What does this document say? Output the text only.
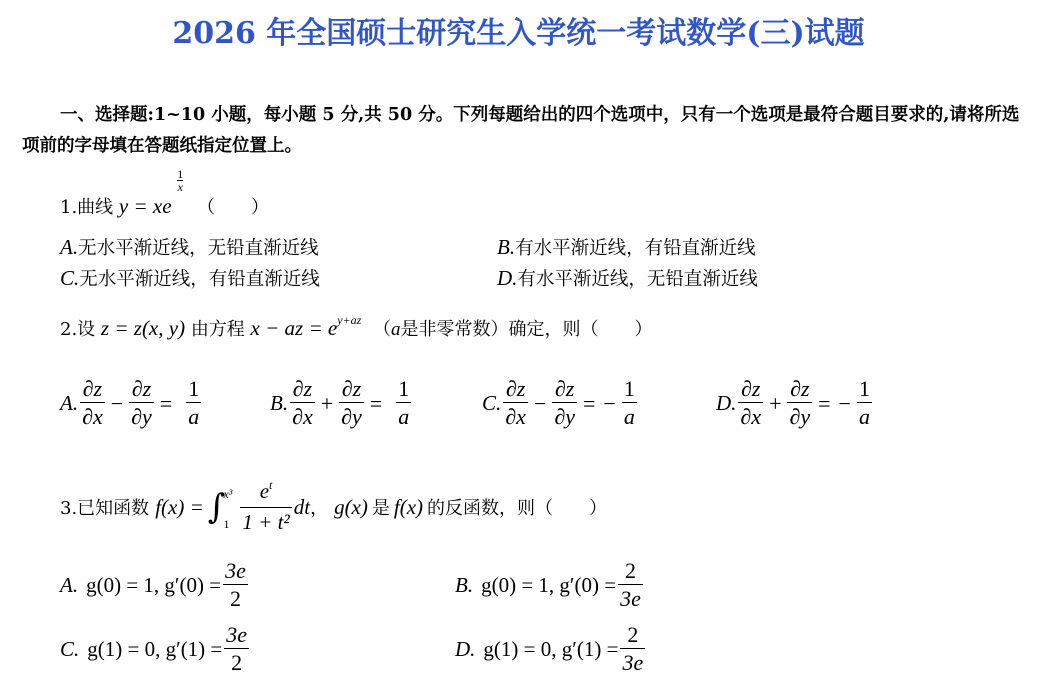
2026 年全国硕士研究生入学统一考试数学(三)试题
一、选择题:1~10 小题，每小题 5 分,共 50 分。下列每题给出的四个选项中，只有一个选项是最符合题目要求的,请将所选项前的字母填在答题纸指定位置上。
1.曲线 y = xe
$\frac{1}{x}$
（　　）
A.无水平渐近线，无铅直渐近线	B.有水平渐近线，有铅直渐近线
C.无水平渐近线，有铅直渐近线	D.有水平渐近线，无铅直渐近线
2.设 z = z(x, y) 由方程 x − az = $e^{y+az}$ （a是非零常数）确定，则（　　）
A. $\frac{\partial z}{\partial x} - \frac{\partial z}{\partial y} = \frac{1}{a}$	B. $\frac{\partial z}{\partial x} + \frac{\partial z}{\partial y} = \frac{1}{a}$	C. $\frac{\partial z}{\partial x} - \frac{\partial z}{\partial y}$ = − $\frac{1}{a}$	D. $\frac{\partial z}{\partial x} + \frac{\partial z}{\partial y}$ = − $\frac{1}{a}$
3.已知函数 f(x) = ∫
x³
$1 \frac{e^t}{\text{1 + t²}}$ dt ， g(x) 是 f(x) 的反函数，则（　　）
A. g(0) = 1, $g'(0) = \frac{3e}{2}$	B. g(0) = 1, $g'(0) = \frac{2}{3e}$
C. g(1) = 0, $g'(1) = \frac{3e}{2}$	D. g(1) = 0, $g'(1) = \frac{2}{3e}$
